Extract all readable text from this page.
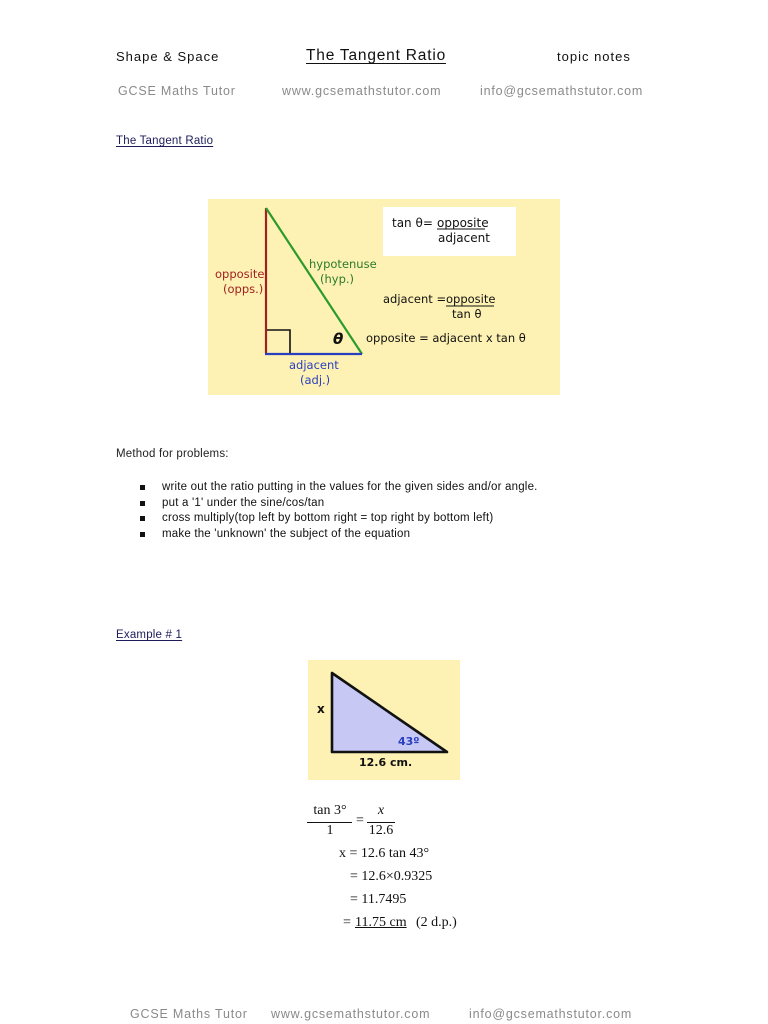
Shape & Space	The Tangent Ratio	topic notes
GCSE Maths Tutor	www.gcsemathstutor.com	info@gcsemathstutor.com
The Tangent Ratio
tan θ= opposite
adjacent
opposite
(opps.)
hypotenuse
(hyp.)
θ
adjacent
(adj.)
adjacent = opposite
tan θ
opposite = adjacent x tan θ
Method for problems:
write out the ratio putting in the values for the given sides and/or angle.
put a '1' under the sine/cos/tan
cross multiply(top left by bottom right = top right by bottom left)
make the 'unknown' the subject of the equation
Example # 1
x
43º
12.6 cm.
tan 3°
1
=
x
12.6
x = 12.6 tan 43°
= 12.6×0.9325
= 11.7495
= 11.75 cm (2 d.p.)
GCSE Maths Tutor www.gcsemathstutor.com	info@gcsemathstutor.com
